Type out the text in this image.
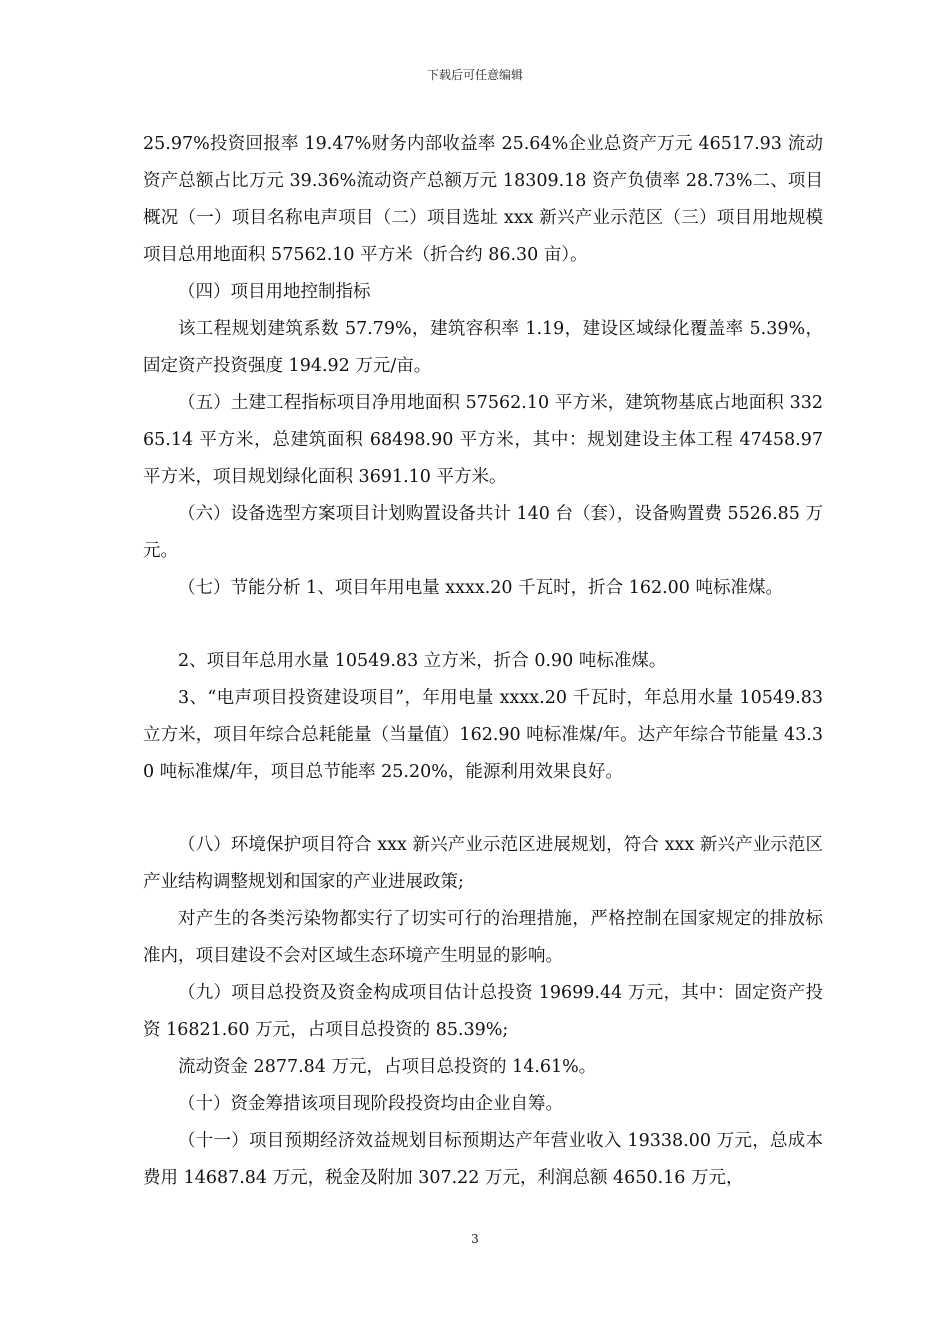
下载后可任意编辑

25.97%投资回报率 19.47%财务内部收益率 25.64%企业总资产万元 46517.93 流动资产总额占比万元 39.36%流动资产总额万元 18309.18 资产负债率 28.73%二、项目概况（一）项目名称电声项目（二）项目选址 xxx 新兴产业示范区（三）项目用地规模项目总用地面积 57562.10 平方米（折合约 86.30 亩）。

（四）项目用地控制指标

该工程规划建筑系数 57.79%，建筑容积率 1.19，建设区域绿化覆盖率 5.39%，固定资产投资强度 194.92 万元/亩。

（五）土建工程指标项目净用地面积 57562.10 平方米，建筑物基底占地面积 33265.14 平方米，总建筑面积 68498.90 平方米，其中：规划建设主体工程 47458.97 平方米，项目规划绿化面积 3691.10 平方米。

（六）设备选型方案项目计划购置设备共计 140 台（套），设备购置费 5526.85 万元。

（七）节能分析 1、项目年用电量 xxxx.20 千瓦时，折合 162.00 吨标准煤。

2、项目年总用水量 10549.83 立方米，折合 0.90 吨标准煤。

3、“电声项目投资建设项目”，年用电量 xxxx.20 千瓦时，年总用水量 10549.83 立方米，项目年综合总耗能量（当量值）162.90 吨标准煤/年。达产年综合节能量 43.30 吨标准煤/年，项目总节能率 25.20%，能源利用效果良好。

（八）环境保护项目符合 xxx 新兴产业示范区进展规划，符合 xxx 新兴产业示范区产业结构调整规划和国家的产业进展政策;

对产生的各类污染物都实行了切实可行的治理措施，严格控制在国家规定的排放标准内，项目建设不会对区域生态环境产生明显的影响。

（九）项目总投资及资金构成项目估计总投资 19699.44 万元，其中：固定资产投资 16821.60 万元，占项目总投资的 85.39%;

流动资金 2877.84 万元，占项目总投资的 14.61%。

（十）资金筹措该项目现阶段投资均由企业自筹。

（十一）项目预期经济效益规划目标预期达产年营业收入 19338.00 万元，总成本费用 14687.84 万元，税金及附加 307.22 万元，利润总额 4650.16 万元，

3
